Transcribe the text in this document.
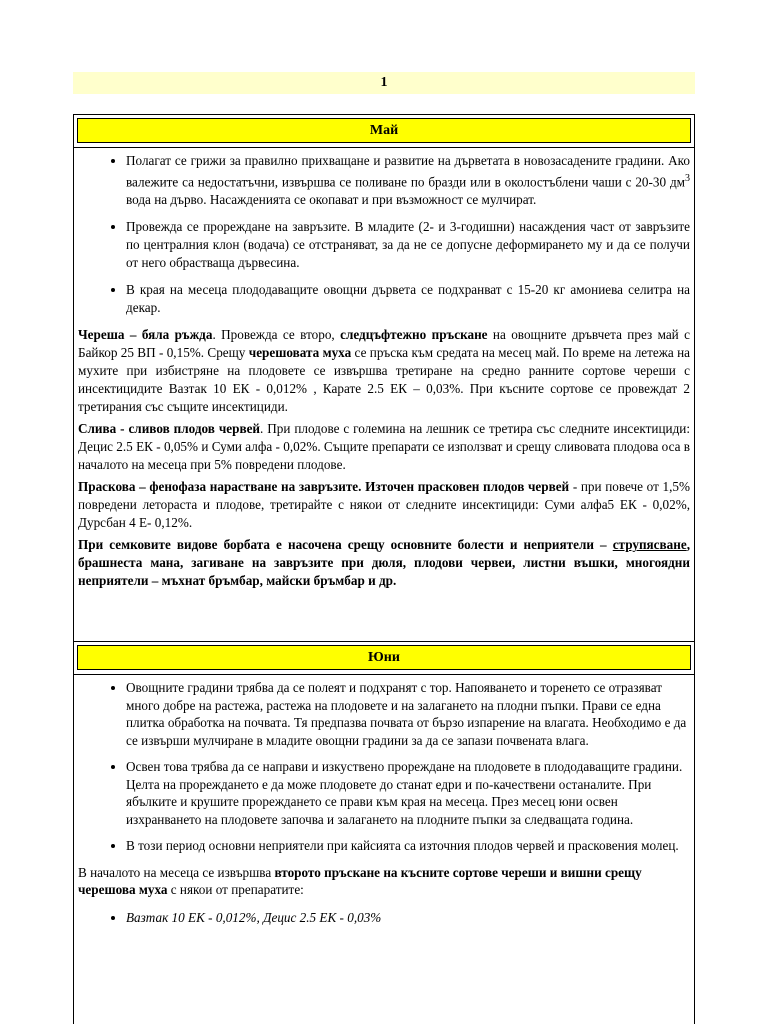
1
Май
• Полагат се грижи за правилно прихващане и развитие на дърветата в новозасадените градини. Ако валежите са недостатъчни, извършва се поливане по бразди или в околостъблени чаши с 20-30 $дм^3$ вода на дърво. Насажденията се окопават и при възможност се мулчират.
• Провежда се прореждане на завръзите. В младите (2- и 3-годишни) насаждения част от завръзите по централния клон (водача) се отстраняват, за да не се допусне деформирането му и да се получи от него обрастваща дървесина.
• В края на месеца плододаващите овощни дървета се подхранват с 15-20 кг амониева селитра на декар.

Череша – бяла ръжда. Провежда се второ, следцъфтежно пръскане на овощните дръвчета през май с Байкор 25 ВП - 0,15%. Срещу черешовата муха се пръска към средата на месец май. По време на летежа на мухите при избистряне на плодовете се извършва третиране на средно ранните сортове череши с инсектицидите Вазтак 10 ЕК - 0,012% , Карате 2.5 ЕК – 0,03%. При късните сортове се провеждат 2 третирания със същите инсектициди.

Слива - сливов плодов червей. При плодове с големина на лешник се третира със следните инсектициди: Децис 2.5 ЕК - 0,05% и Суми алфа - 0,02%. Същите препарати се използват и срещу сливовата плодова оса в началото на месеца при 5% повредени плодове.

Праскова – фенофаза нарастване на завръзите. Източен прасковен плодов червей - при повече от 1,5% повредени летораста и плодове, третирайте с някои от следните инсектициди: Суми алфа5 ЕК - 0,02%, Дурсбан 4 Е- 0,12%.

При семковите видове борбата е насочена срещу основните болести и неприятели – струпясване, брашнеста мана, загиване на завръзите при дюля, плодови червеи, листни въшки, многоядни неприятели – мъхнат бръмбар, майски бръмбар и др.

Юни
• Овощните градини трябва да се полеят и подхранят с тор. Напояването и торенето се отразяват много добре на растежа, растежа на плодовете и на залагането на плодни пъпки. Прави се една плитка обработка на почвата. Тя предпазва почвата от бързо изпарение на влагата. Необходимо е да се извърши мулчиране в младите овощни градини за да се запази почвената влага.
• Освен това трябва да се направи и изкуствено прореждане на плодовете в плододаващите градини. Целта на прореждането е да може плодовете до станат едри и по-качествени останалите. При ябълките и крушите прореждането се прави към края на месеца. През месец юни освен изхранването на плодовете започва и залагането на плодните пъпки за следващата година.
• В този период основни неприятели при кайсията са източния плодов червей и прасковения молец.

В началото на месеца се извършва второто пръскане на късните сортове череши и вишни срещу черешова муха с някои от препаратите:

• Вазтак 10 ЕК - 0,012%, Децис 2.5 ЕК - 0,03%
